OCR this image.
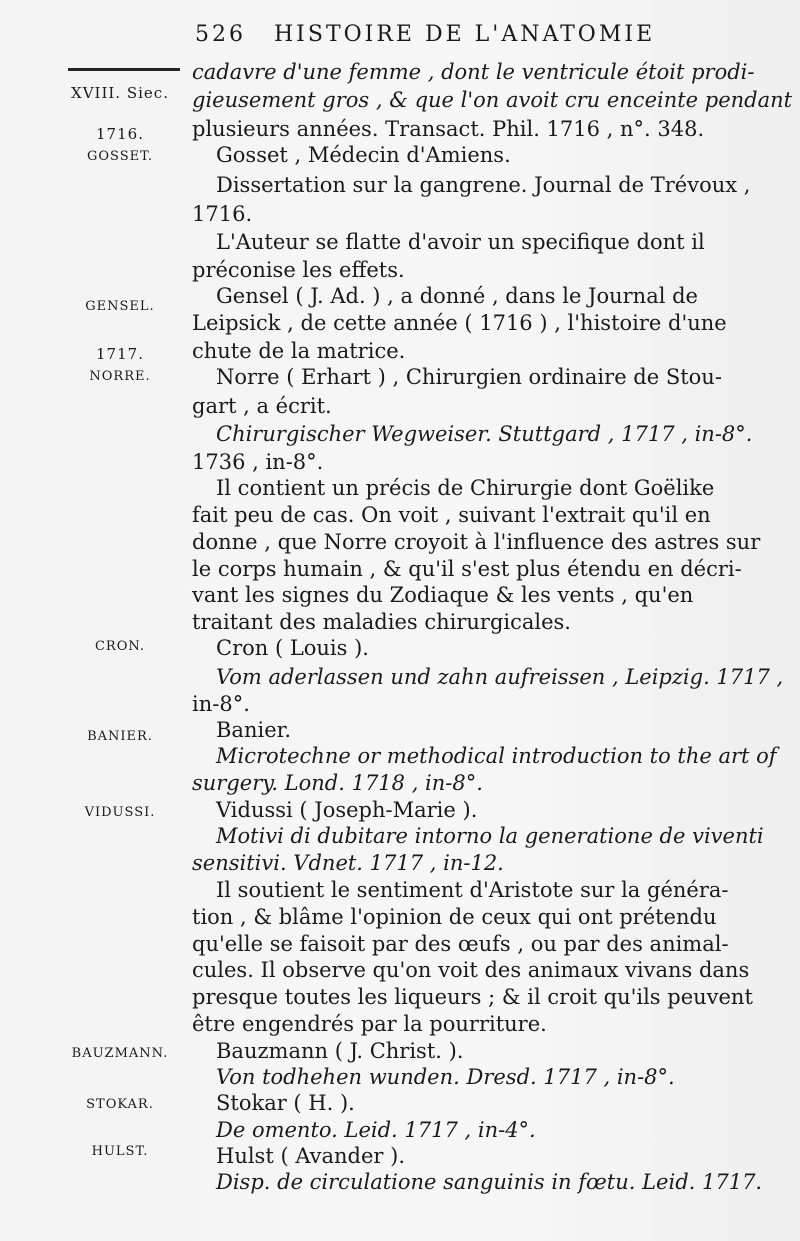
526 HISTOIRE DE L'ANATOMIE
XVIII. Siec.
1716.
GOSSET.
GENSEL.
1717.
NORRE.
CRON.
BANIER.
VIDUSSI.
BAUZMANN.
STOKAR.
HULST.
cadavre d'une femme , dont le ventricule étoit prodi-
gieusement gros , & que l'on avoit cru enceinte pendant
plusieurs années. Transact. Phil. 1716 , n°. 348.
Gosset , Médecin d'Amiens.
Dissertation sur la gangrene. Journal de Trévoux ,
1716.
L'Auteur se flatte d'avoir un specifique dont il
préconise les effets.
Gensel ( J. Ad. ) , a donné , dans le Journal de
Leipsick , de cette année ( 1716 ) , l'histoire d'une
chute de la matrice.
Norre ( Erhart ) , Chirurgien ordinaire de Stou-
gart , a écrit.
Chirurgischer Wegweiser. Stuttgard , 1717 , in-8°.
1736 , in-8°.
Il contient un précis de Chirurgie dont Goëlike
fait peu de cas. On voit , suivant l'extrait qu'il en
donne , que Norre croyoit à l'influence des astres sur
le corps humain , & qu'il s'est plus étendu en décri-
vant les signes du Zodiaque & les vents , qu'en
traitant des maladies chirurgicales.
Cron ( Louis ).
Vom aderlassen und zahn aufreissen , Leipzig. 1717 ,
in-8°.
Banier.
Microtechne or methodical introduction to the art of
surgery. Lond. 1718 , in-8°.
Vidussi ( Joseph-Marie ).
Motivi di dubitare intorno la generatione de viventi
sensitivi. Vdnet. 1717 , in-12.
Il soutient le sentiment d'Aristote sur la généra-
tion , & blâme l'opinion de ceux qui ont prétendu
qu'elle se faisoit par des œufs , ou par des animal-
cules. Il observe qu'on voit des animaux vivans dans
presque toutes les liqueurs ; & il croit qu'ils peuvent
être engendrés par la pourriture.
Bauzmann ( J. Christ. ).
Von todhehen wunden. Dresd. 1717 , in-8°.
Stokar ( H. ).
De omento. Leid. 1717 , in-4°.
Hulst ( Avander ).
Disp. de circulatione sanguinis in fœtu. Leid. 1717.
